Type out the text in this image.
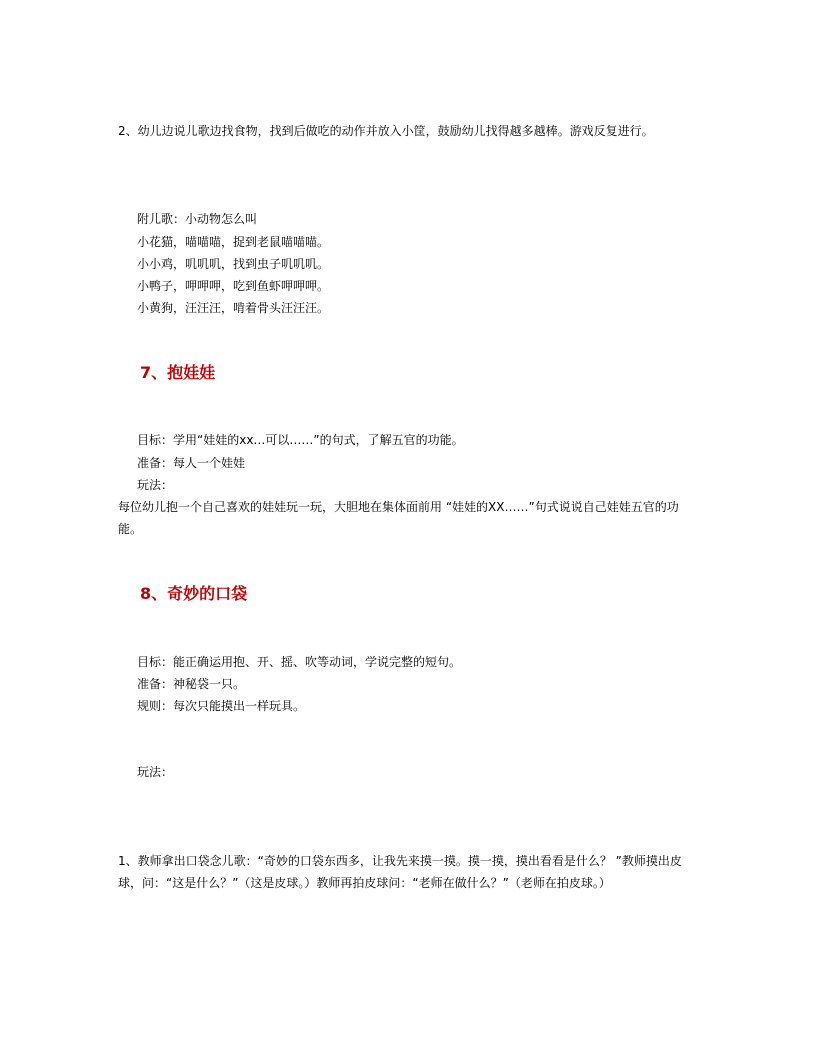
2、幼儿边说儿歌边找食物，找到后做吃的动作并放入小筐，鼓励幼儿找得越多越棒。游戏反复进行。
附儿歌：小动物怎么叫
小花猫，喵喵喵，捉到老鼠喵喵喵。
小小鸡，叽叽叽，找到虫子叽叽叽。
小鸭子，呷呷呷，吃到鱼虾呷呷呷。
小黄狗，汪汪汪，啃着骨头汪汪汪。
7、抱娃娃
目标：学用“娃娃的xx…可以……”的句式，了解五官的功能。
准备：每人一个娃娃
玩法：
每位幼儿抱一个自己喜欢的娃娃玩一玩，大胆地在集体面前用 “娃娃的XX……”句式说说自己娃娃五官的功能。
8、奇妙的口袋
目标：能正确运用抱、开、摇、吹等动词，学说完整的短句。
准备：神秘袋一只。
规则：每次只能摸出一样玩具。
玩法：
1、教师拿出口袋念儿歌：“奇妙的口袋东西多，让我先来摸一摸。摸一摸，摸出看看是什么？ ”教师摸出皮球，问：“这是什么？”（这是皮球。）教师再拍皮球问：“老师在做什么？”（老师在拍皮球。）
